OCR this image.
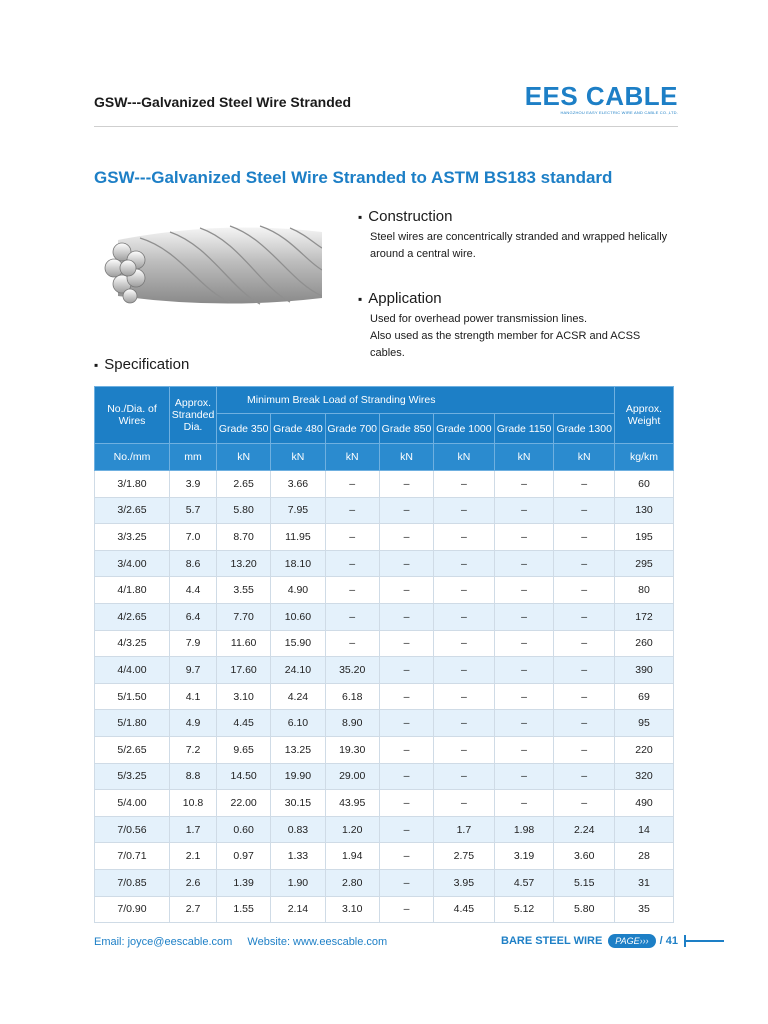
GSW---Galvanized Steel Wire Stranded	EES CABLE
HANGZHOU EASY ELECTRIC WIRE AND CABLE CO.,LTD.
GSW---Galvanized Steel Wire Stranded to ASTM BS183 standard
▪ Construction

Steel wires are concentrically stranded and wrapped helically around a central wire.

▪ Application

Used for overhead power transmission lines.

Also used as the strength member for ACSR and ACSS cables.

▪ Specification
No./Dia. of Wires	Approx. Stranded Dia.	Minimum Break Load of Stranding Wires							Approx. Weight
		Grade 350	Grade 480	Grade 700	Grade 850	Grade 1000	Grade 1150	Grade 1300	
No./mm	mm	kN	kN	kN	kN	kN	kN	kN	kg/km
3/1.80	3.9	2.65	3.66	–	–	–	–	–	60
3/2.65	5.7	5.80	7.95	–	–	–	–	–	130
3/3.25	7.0	8.70	11.95	–	–	–	–	–	195
3/4.00	8.6	13.20	18.10	–	–	–	–	–	295
4/1.80	4.4	3.55	4.90	–	–	–	–	–	80
4/2.65	6.4	7.70	10.60	–	–	–	–	–	172
4/3.25	7.9	11.60	15.90	–	–	–	–	–	260
4/4.00	9.7	17.60	24.10	35.20	–	–	–	–	390
5/1.50	4.1	3.10	4.24	6.18	–	–	–	–	69
5/1.80	4.9	4.45	6.10	8.90	–	–	–	–	95
5/2.65	7.2	9.65	13.25	19.30	–	–	–	–	220
5/3.25	8.8	14.50	19.90	29.00	–	–	–	–	320
5/4.00	10.8	22.00	30.15	43.95	–	–	–	–	490
7/0.56	1.7	0.60	0.83	1.20	–	1.7	1.98	2.24	14
7/0.71	2.1	0.97	1.33	1.94	–	2.75	3.19	3.60	28
7/0.85	2.6	1.39	1.90	2.80	–	3.95	4.57	5.15	31
7/0.90	2.7	1.55	2.14	3.10	–	4.45	5.12	5.80	35
Email: joyce@eescable.com Website: www.eescable.com	BARE STEEL WIRE	PAGE›››	/ 41
